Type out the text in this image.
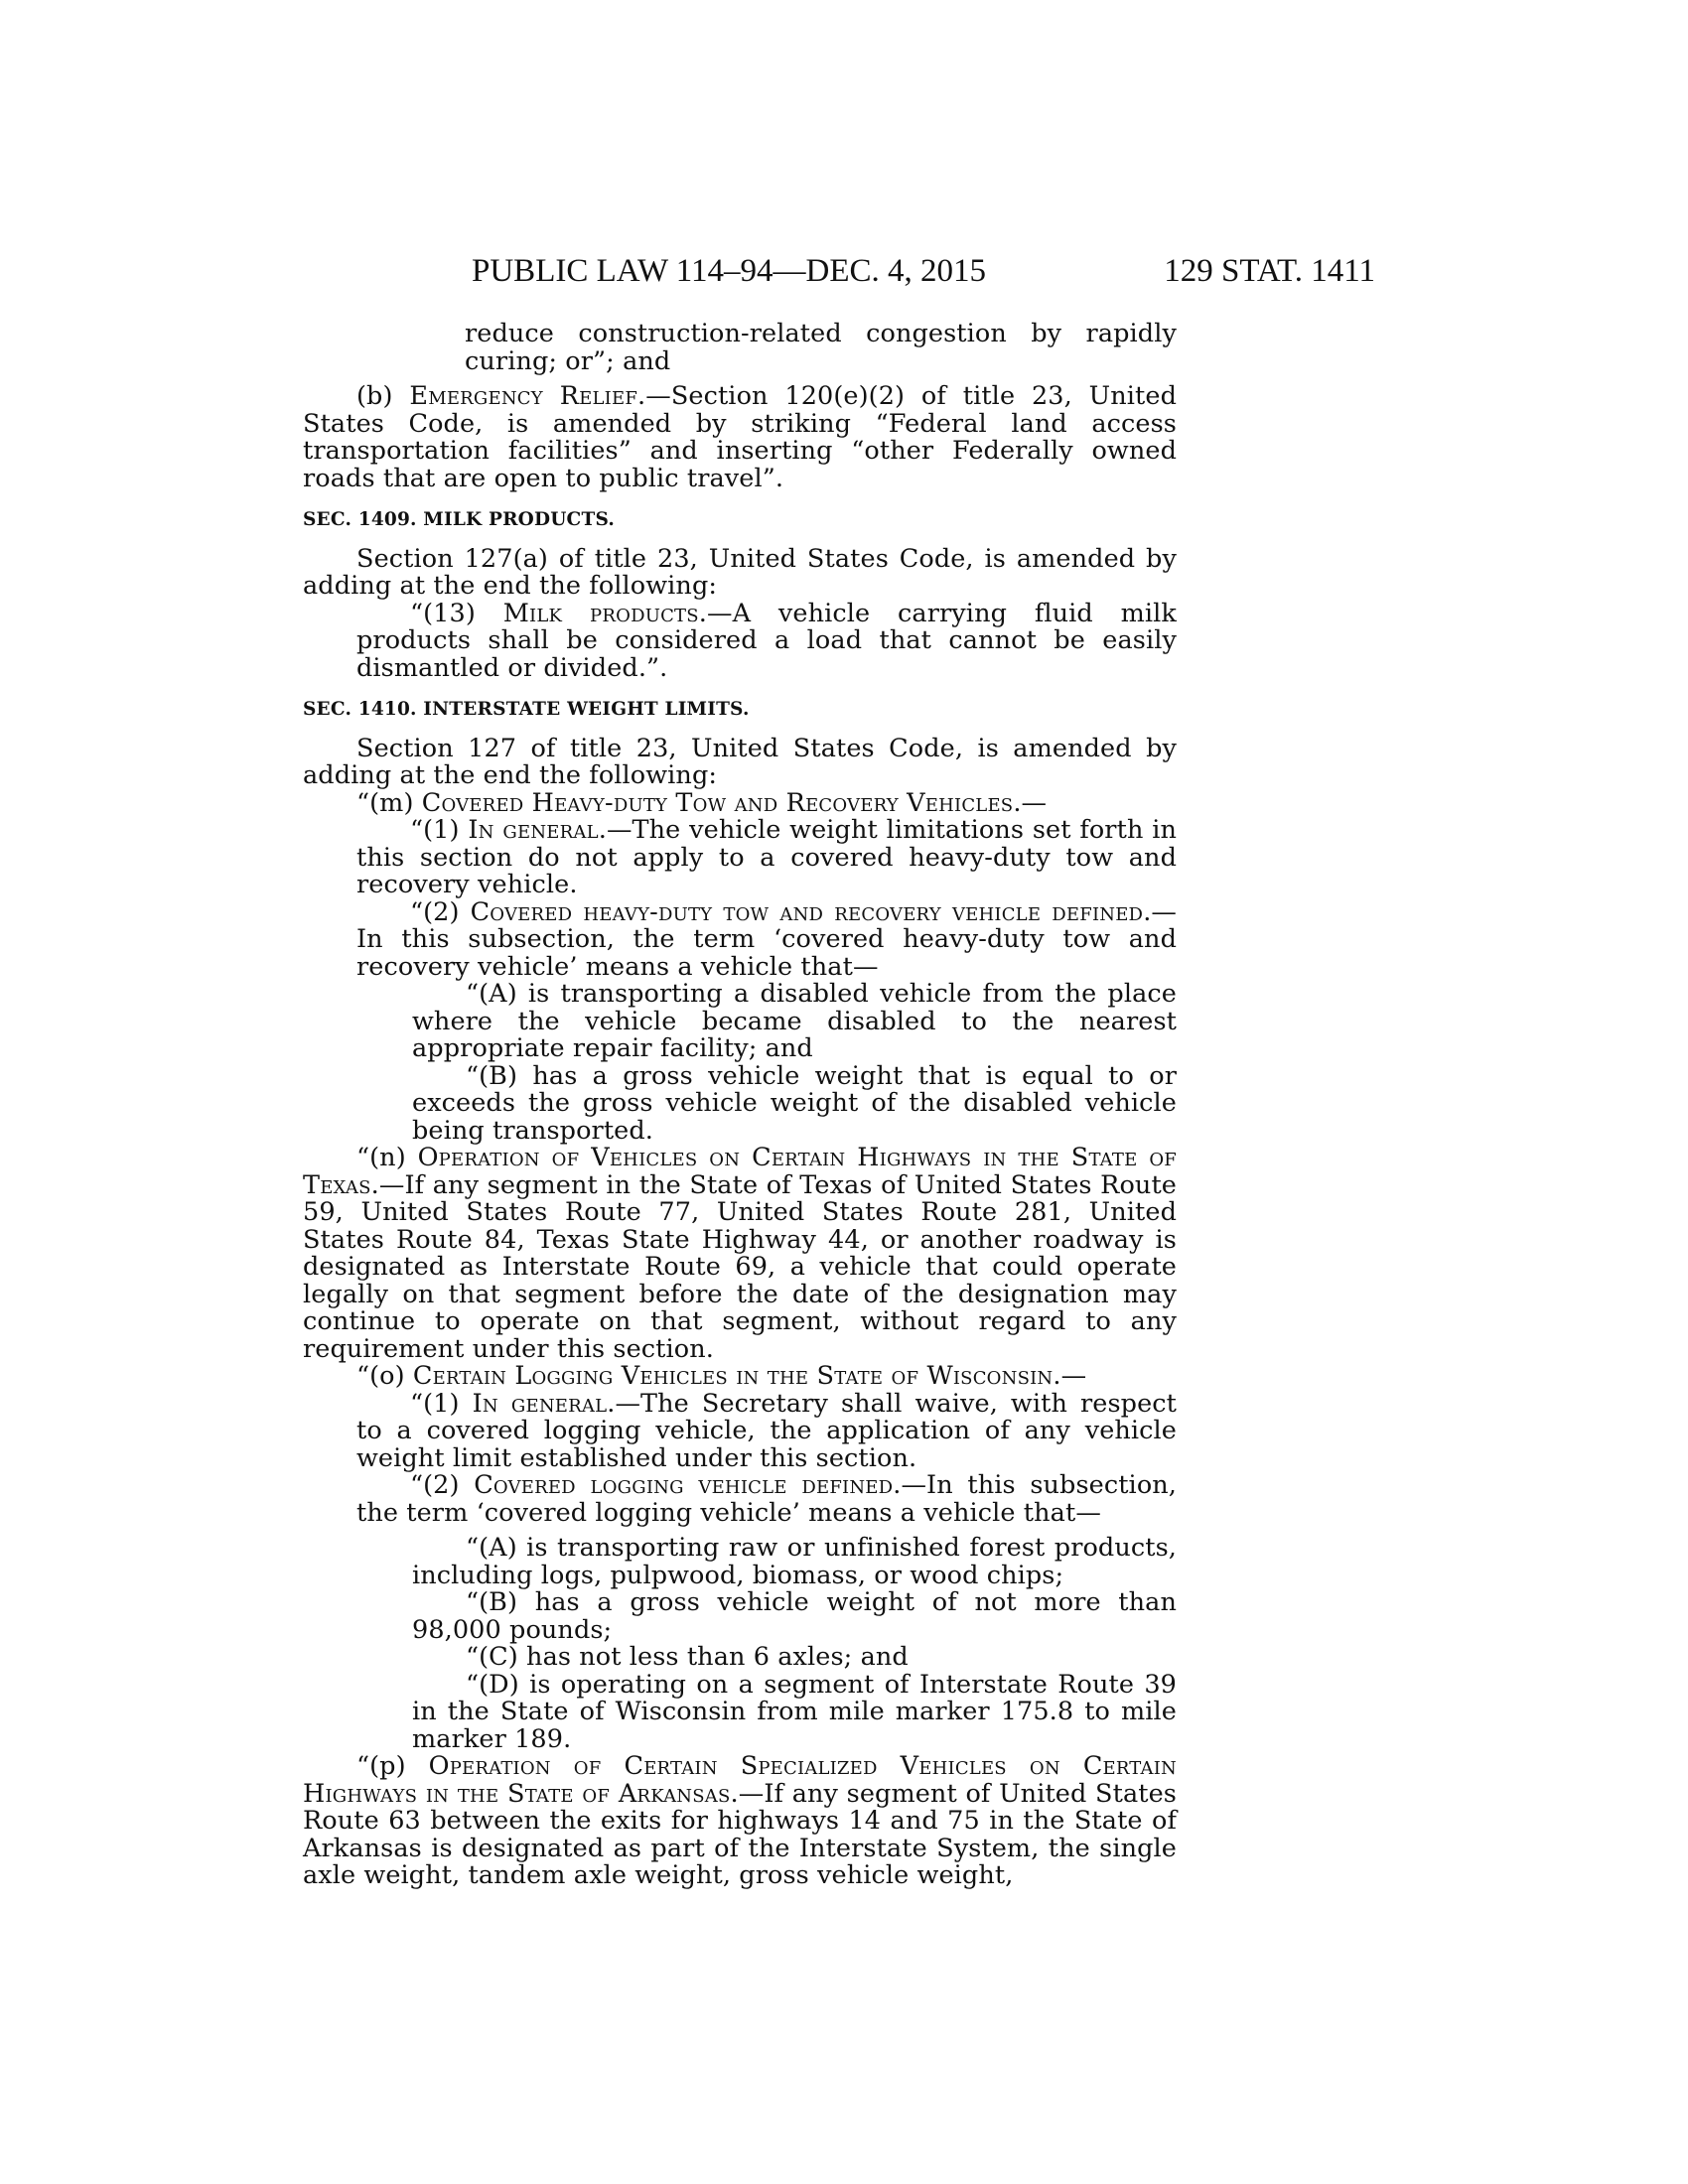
PUBLIC LAW 114–94—DEC. 4, 2015	129 STAT. 1411

reduce construction-related congestion by rapidly curing; or”; and

(b) Emergency Relief.—Section 120(e)(2) of title 23, United States Code, is amended by striking “Federal land access transportation facilities” and inserting “other Federally owned roads that are open to public travel”.

SEC. 1409. MILK PRODUCTS.

Section 127(a) of title 23, United States Code, is amended by adding at the end the following:

“(13) Milk products.—A vehicle carrying fluid milk products shall be considered a load that cannot be easily dismantled or divided.”.

SEC. 1410. INTERSTATE WEIGHT LIMITS.

Section 127 of title 23, United States Code, is amended by adding at the end the following:

“(m) Covered Heavy-duty Tow and Recovery Vehicles.—

“(1) In general.—The vehicle weight limitations set forth in this section do not apply to a covered heavy-duty tow and recovery vehicle.

“(2) Covered heavy-duty tow and recovery vehicle defined.—In this subsection, the term ‘covered heavy-duty tow and recovery vehicle’ means a vehicle that—

“(A) is transporting a disabled vehicle from the place where the vehicle became disabled to the nearest appropriate repair facility; and

“(B) has a gross vehicle weight that is equal to or exceeds the gross vehicle weight of the disabled vehicle being transported.

“(n) Operation of Vehicles on Certain Highways in the State of Texas.—If any segment in the State of Texas of United States Route 59, United States Route 77, United States Route 281, United States Route 84, Texas State Highway 44, or another roadway is designated as Interstate Route 69, a vehicle that could operate legally on that segment before the date of the designation may continue to operate on that segment, without regard to any requirement under this section.

“(o) Certain Logging Vehicles in the State of Wisconsin.—

“(1) In general.—The Secretary shall waive, with respect to a covered logging vehicle, the application of any vehicle weight limit established under this section.

“(2) Covered logging vehicle defined.—In this subsection, the term ‘covered logging vehicle’ means a vehicle that—

“(A) is transporting raw or unfinished forest products, including logs, pulpwood, biomass, or wood chips;

“(B) has a gross vehicle weight of not more than 98,000 pounds;

“(C) has not less than 6 axles; and

“(D) is operating on a segment of Interstate Route 39 in the State of Wisconsin from mile marker 175.8 to mile marker 189.

“(p) Operation of Certain Specialized Vehicles on Certain Highways in the State of Arkansas.—If any segment of United States Route 63 between the exits for highways 14 and 75 in the State of Arkansas is designated as part of the Interstate System, the single axle weight, tandem axle weight, gross vehicle weight,
